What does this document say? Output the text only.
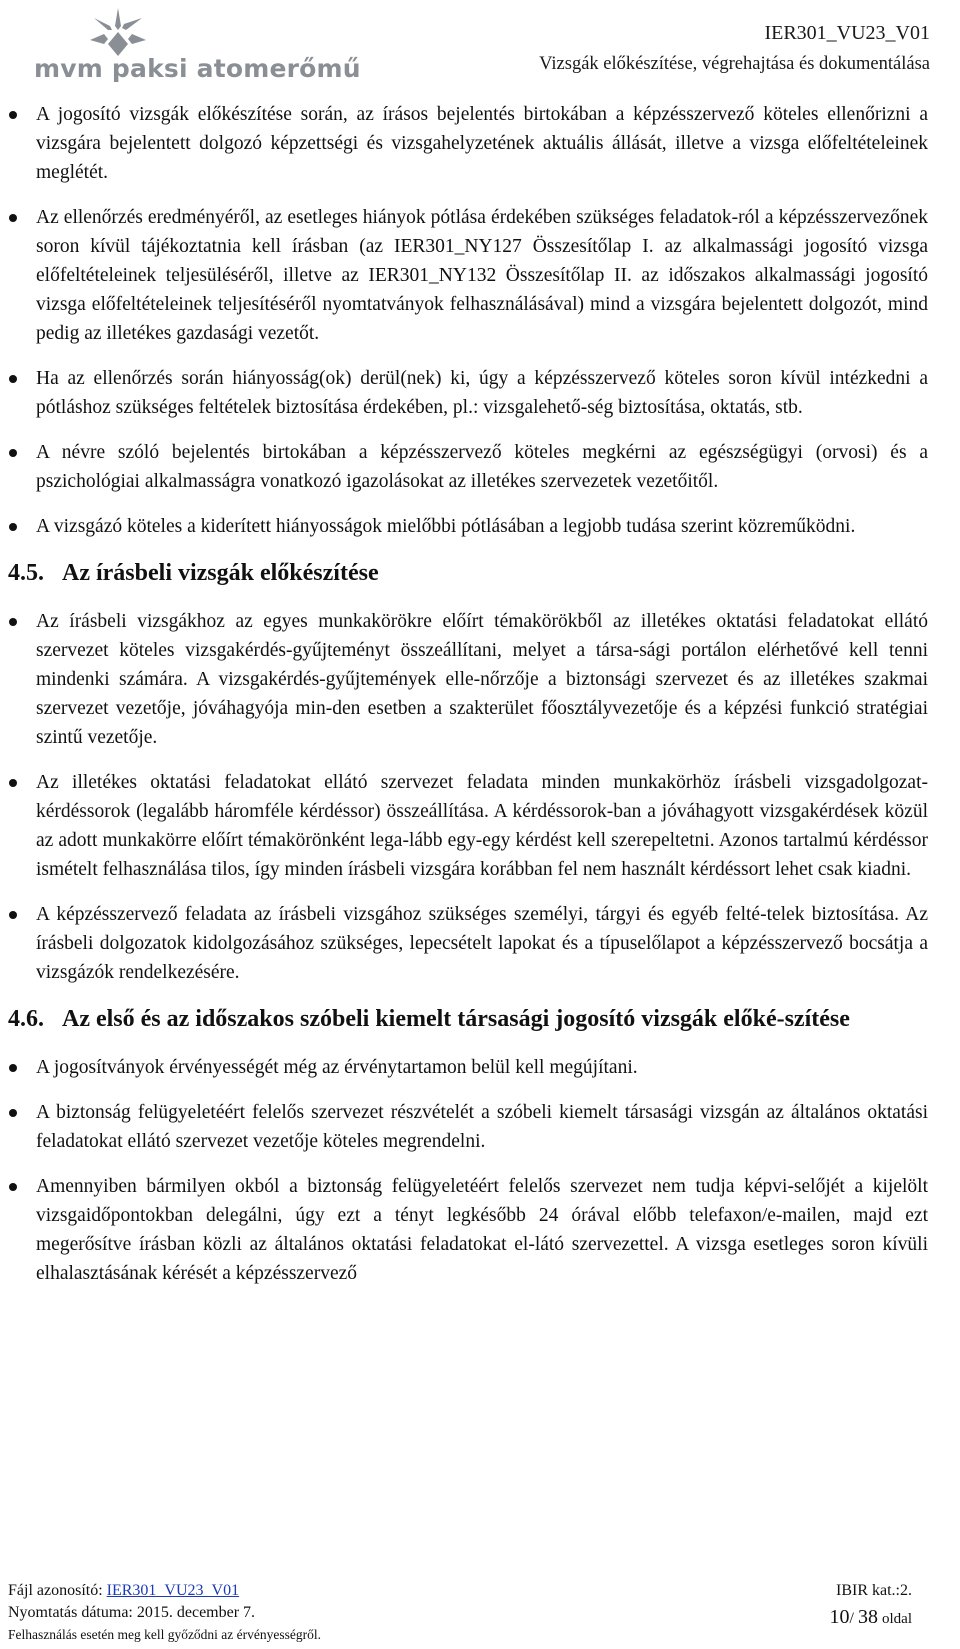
mvm paksi atomerőmű
IER301_VU23_V01
Vizsgák előkészítése, végrehajtása és dokumentálása
A jogosító vizsgák előkészítése során, az írásos bejelentés birtokában a képzésszervező köteles ellenőrizni a vizsgára bejelentett dolgozó képzettségi és vizsgahelyzetének aktuális állását, illetve a vizsga előfeltételeinek meglétét.
Az ellenőrzés eredményéről, az esetleges hiányok pótlása érdekében szükséges feladatok-ról a képzésszervezőnek soron kívül tájékoztatnia kell írásban (az IER301_NY127 Összesítőlap I. az alkalmassági jogosító vizsga előfeltételeinek teljesüléséről, illetve az IER301_NY132 Összesítőlap II. az időszakos alkalmassági jogosító vizsga előfeltételeinek teljesítéséről nyomtatványok felhasználásával) mind a vizsgára bejelentett dolgozót, mind pedig az illetékes gazdasági vezetőt.
Ha az ellenőrzés során hiányosság(ok) derül(nek) ki, úgy a képzésszervező köteles soron kívül intézkedni a pótláshoz szükséges feltételek biztosítása érdekében, pl.: vizsgalehető-ség biztosítása, oktatás, stb.
A névre szóló bejelentés birtokában a képzésszervező köteles megkérni az egészségügyi (orvosi) és a pszichológiai alkalmasságra vonatkozó igazolásokat az illetékes szervezetek vezetőitől.
A vizsgázó köteles a kiderített hiányosságok mielőbbi pótlásában a legjobb tudása szerint közreműködni.
4.5. Az írásbeli vizsgák előkészítése
Az írásbeli vizsgákhoz az egyes munkakörökre előírt témakörökből az illetékes oktatási feladatokat ellátó szervezet köteles vizsgakérdés-gyűjteményt összeállítani, melyet a társa-sági portálon elérhetővé kell tenni mindenki számára. A vizsgakérdés-gyűjtemények elle-nőrzője a biztonsági szervezet és az illetékes szakmai szervezet vezetője, jóváhagyója min-den esetben a szakterület főosztályvezetője és a képzési funkció stratégiai szintű vezetője.
Az illetékes oktatási feladatokat ellátó szervezet feladata minden munkakörhöz írásbeli vizsgadolgozat-kérdéssorok (legalább háromféle kérdéssor) összeállítása. A kérdéssorok-ban a jóváhagyott vizsgakérdések közül az adott munkakörre előírt témakörönként lega-lább egy-egy kérdést kell szerepeltetni. Azonos tartalmú kérdéssor ismételt felhasználása tilos, így minden írásbeli vizsgára korábban fel nem használt kérdéssort lehet csak kiadni.
A képzésszervező feladata az írásbeli vizsgához szükséges személyi, tárgyi és egyéb felté-telek biztosítása. Az írásbeli dolgozatok kidolgozásához szükséges, lepecsételt lapokat és a típuselőlapot a képzésszervező bocsátja a vizsgázók rendelkezésére.
4.6. Az első és az időszakos szóbeli kiemelt társasági jogosító vizsgák előké-szítése
A jogosítványok érvényességét még az érvénytartamon belül kell megújítani.
A biztonság felügyeletéért felelős szervezet részvételét a szóbeli kiemelt társasági vizsgán az általános oktatási feladatokat ellátó szervezet vezetője köteles megrendelni.
Amennyiben bármilyen okból a biztonság felügyeletéért felelős szervezet nem tudja képvi-selőjét a kijelölt vizsgaidőpontokban delegálni, úgy ezt a tényt legkésőbb 24 órával előbb telefaxon/e-mailen, majd ezt megerősítve írásban közli az általános oktatási feladatokat el-látó szervezettel. A vizsga esetleges soron kívüli elhalasztásának kérését a képzésszervező
Fájl azonosító: IER301_VU23_V01
Nyomtatás dátuma: 2015. december 7.
Felhasználás esetén meg kell győződni az érvényességről.
IBIR kat.:2.
10/ 38 oldal
